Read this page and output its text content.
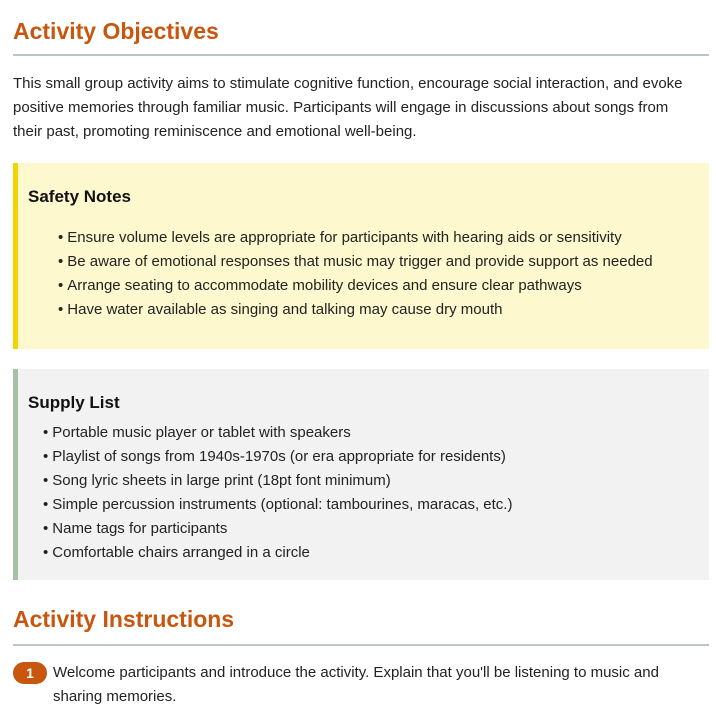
Activity Objectives

This small group activity aims to stimulate cognitive function, encourage social interaction, and evoke positive memories through familiar music. Participants will engage in discussions about songs from their past, promoting reminiscence and emotional well-being.

Safety Notes
• Ensure volume levels are appropriate for participants with hearing aids or sensitivity
• Be aware of emotional responses that music may trigger and provide support as needed
• Arrange seating to accommodate mobility devices and ensure clear pathways
• Have water available as singing and talking may cause dry mouth
Supply List
• Portable music player or tablet with speakers
• Playlist of songs from 1940s-1970s (or era appropriate for residents)
• Song lyric sheets in large print (18pt font minimum)
• Simple percussion instruments (optional: tambourines, maracas, etc.)
• Name tags for participants
• Comfortable chairs arranged in a circle
Activity Instructions
1	Welcome participants and introduce the activity. Explain that you'll be listening to music and sharing memories.
